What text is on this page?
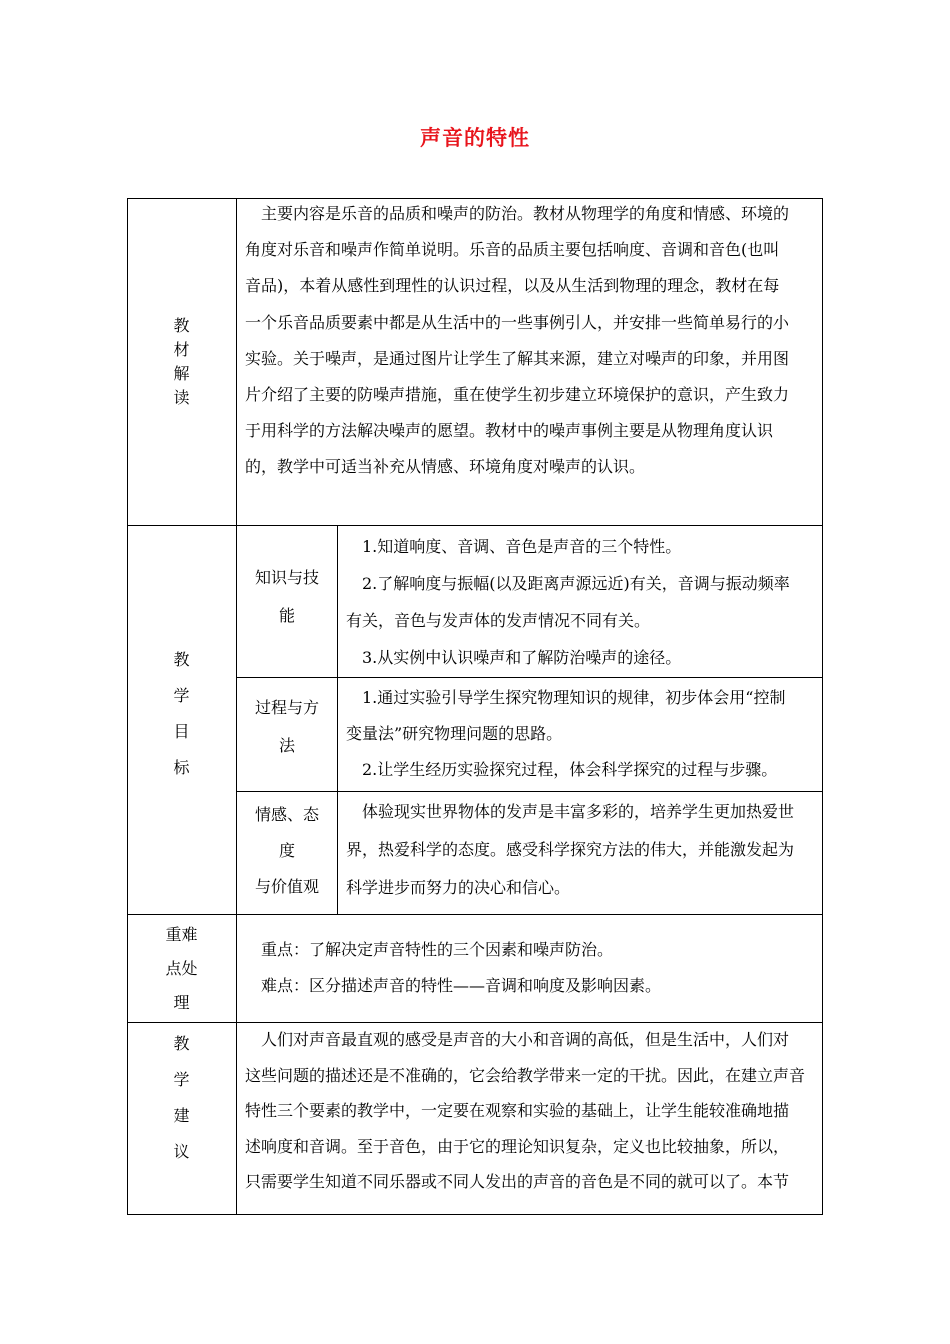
声音的特性
教
材
解
读
　主要内容是乐音的品质和噪声的防治。教材从物理学的角度和情感、环境的
角度对乐音和噪声作简单说明。乐音的品质主要包括响度、音调和音色(也叫
音品)，本着从感性到理性的认识过程，以及从生活到物理的理念，教材在每
一个乐音品质要素中都是从生活中的一些事例引人，并安排一些简单易行的小
实验。关于噪声，是通过图片让学生了解其来源，建立对噪声的印象，并用图
片介绍了主要的防噪声措施，重在使学生初步建立环境保护的意识，产生致力
于用科学的方法解决噪声的愿望。教材中的噪声事例主要是从物理角度认识
的，教学中可适当补充从情感、环境角度对噪声的认识。
教
学
目
标
知识与技
能
1.知道响度、音调、音色是声音的三个特性。
2.了解响度与振幅(以及距离声源远近)有关，音调与振动频率
有关，音色与发声体的发声情况不同有关。
3.从实例中认识噪声和了解防治噪声的途径。
过程与方
法
1.通过实验引导学生探究物理知识的规律，初步体会用“控制
变量法”研究物理问题的思路。
2.让学生经历实验探究过程，体会科学探究的过程与步骤。
情感、态
度
与价值观
体验现实世界物体的发声是丰富多彩的，培养学生更加热爱世
界，热爱科学的态度。感受科学探究方法的伟大，并能激发起为
科学进步而努力的决心和信心。
重难
点处
理
重点：了解决定声音特性的三个因素和噪声防治。
难点：区分描述声音的特性——音调和响度及影响因素。
教
学
建
议
　人们对声音最直观的感受是声音的大小和音调的高低，但是生活中，人们对
这些问题的描述还是不准确的，它会给教学带来一定的干扰。因此，在建立声音
特性三个要素的教学中，一定要在观察和实验的基础上，让学生能较准确地描
述响度和音调。至于音色，由于它的理论知识复杂，定义也比较抽象，所以，
只需要学生知道不同乐器或不同人发出的声音的音色是不同的就可以了。本节
